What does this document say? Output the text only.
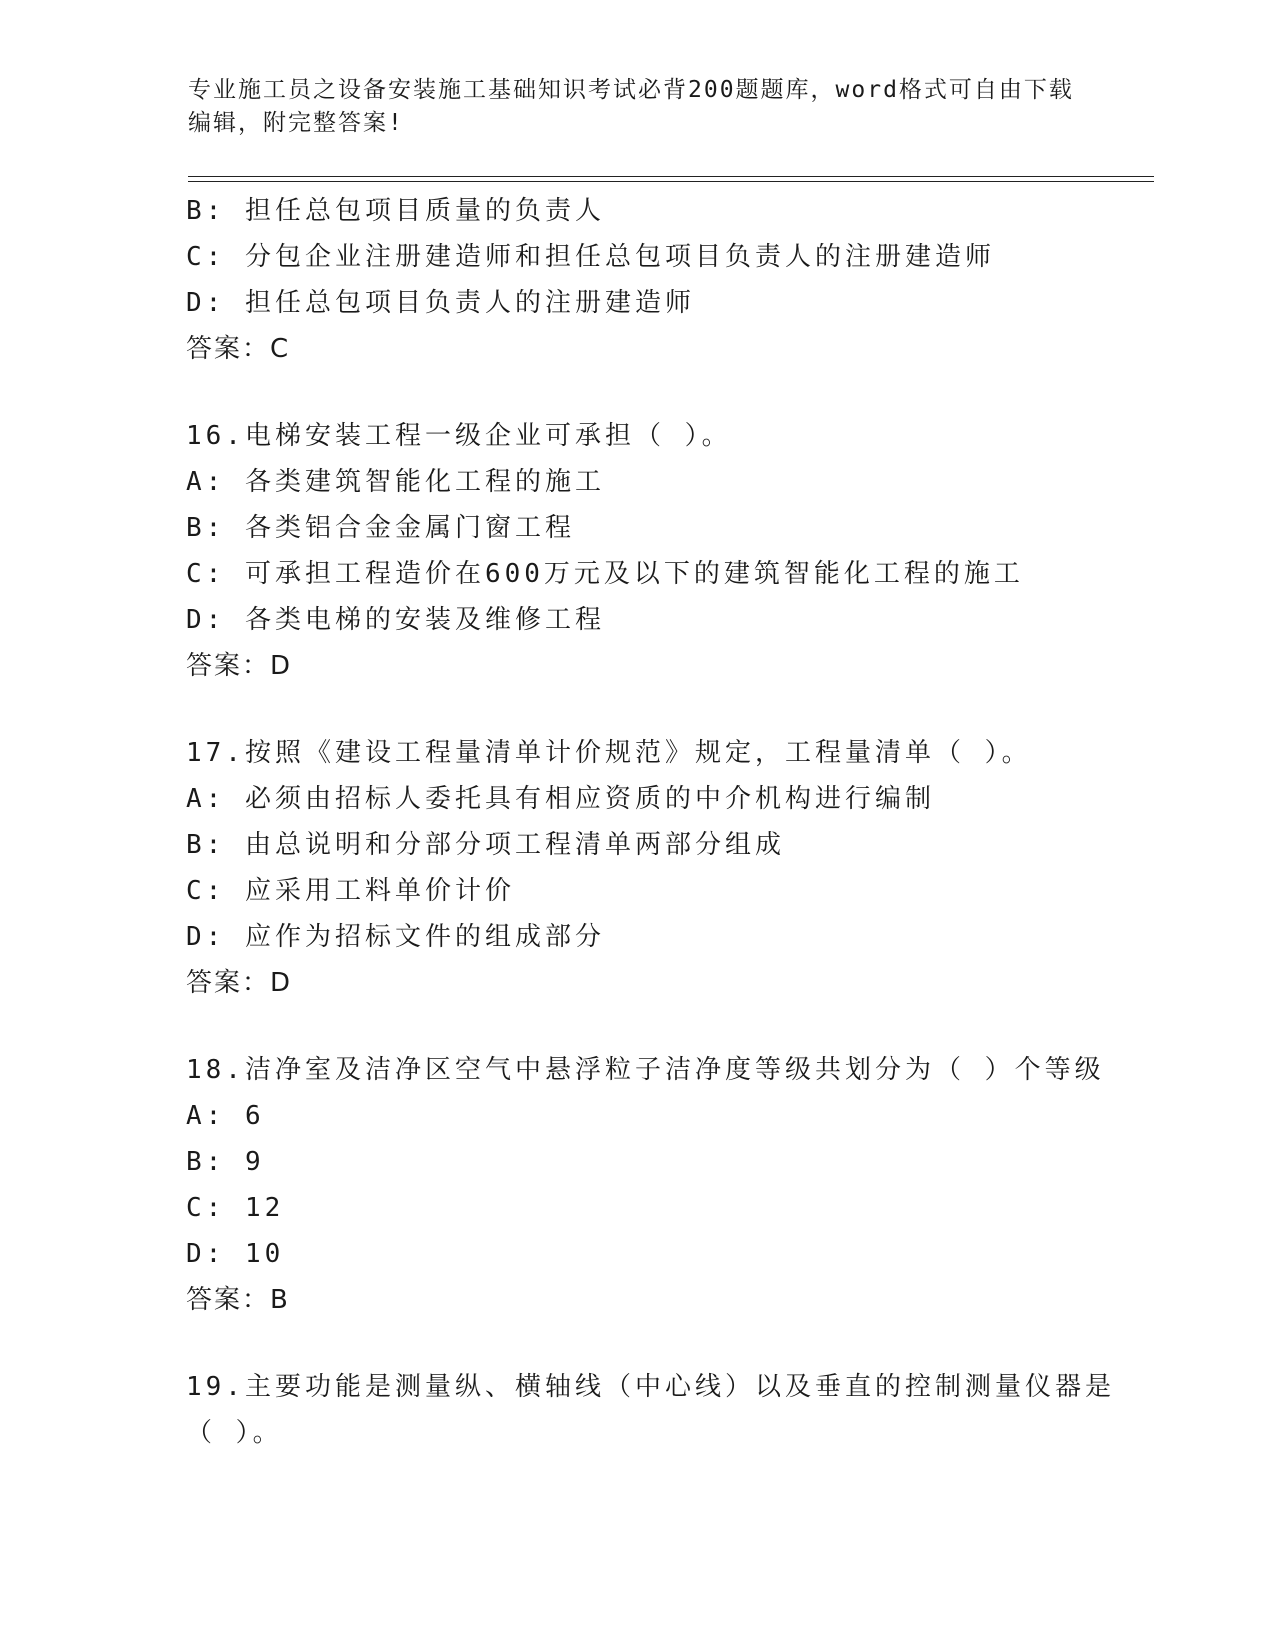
专业施工员之设备安装施工基础知识考试必背200题题库，word格式可自由下载
编辑，附完整答案!
B: 担任总包项目质量的负责人
C: 分包企业注册建造师和担任总包项目负责人的注册建造师
D: 担任总包项目负责人的注册建造师
答案：C
16.电梯安装工程一级企业可承担（ ）。
A: 各类建筑智能化工程的施工
B: 各类铝合金金属门窗工程
C: 可承担工程造价在600万元及以下的建筑智能化工程的施工
D: 各类电梯的安装及维修工程
答案：D
17.按照《建设工程量清单计价规范》规定，工程量清单（ ）。
A: 必须由招标人委托具有相应资质的中介机构进行编制
B: 由总说明和分部分项工程清单两部分组成
C: 应采用工料单价计价
D: 应作为招标文件的组成部分
答案：D
18.洁净室及洁净区空气中悬浮粒子洁净度等级共划分为（ ）个等级
A: 6
B: 9
C: 12
D: 10
答案：B
19.主要功能是测量纵、横轴线（中心线）以及垂直的控制测量仪器是
（ ）。
